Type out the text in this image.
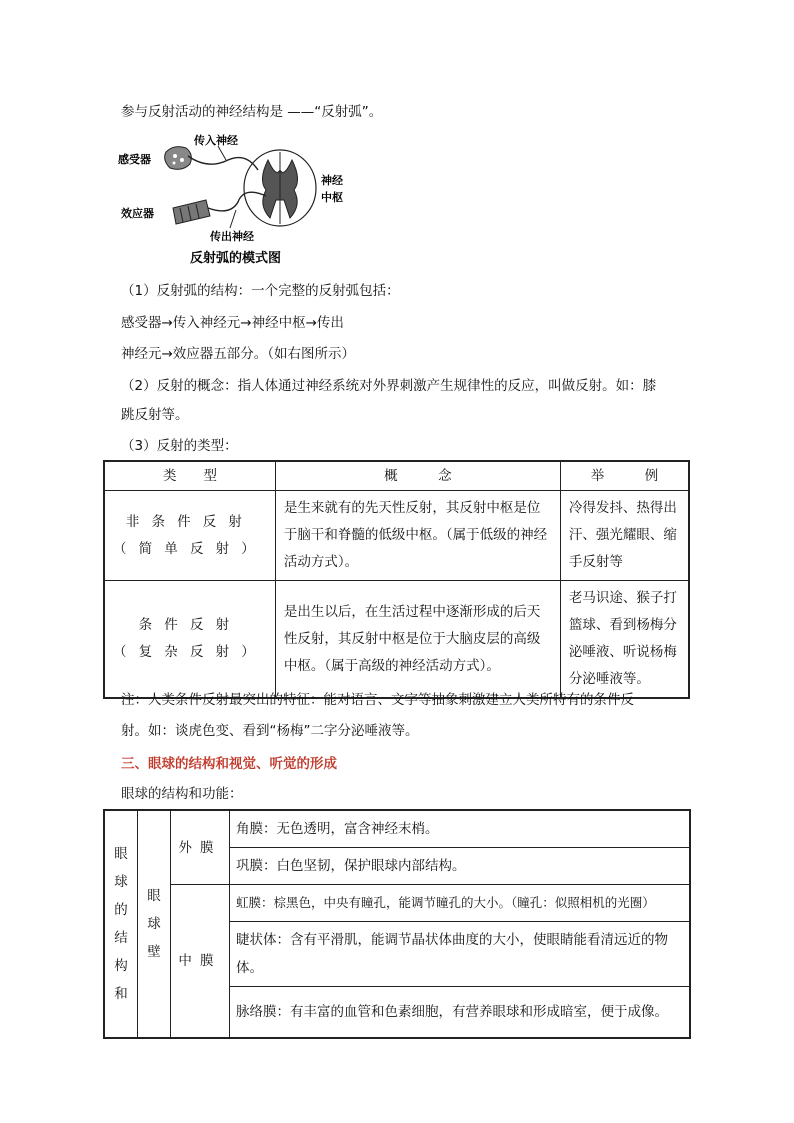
参与反射活动的神经结构是 ——“反射弧”。
感受器
传入神经
神经
中枢
效应器
传出神经
反射弧的模式图
（1）反射弧的结构：一个完整的反射弧包括：
感受器→传入神经元→神经中枢→传出
神经元→效应器五部分。（如右图所示）
（2）反射的概念：指人体通过神经系统对外界刺激产生规律性的反应，叫做反射。如：膝
跳反射等。
（3）反射的类型：
类　　型	概　　　念	举　　　例

非条件反射
（简单反射）	是生来就有的先天性反射，其反射中枢是位于脑干和脊髓的低级中枢。（属于低级的神经活动方式）。	冷得发抖、热得出汗、强光耀眼、缩手反射等

条件反射
（复杂反射）	是出生以后，在生活过程中逐渐形成的后天性反射，其反射中枢是位于大脑皮层的高级中枢。（属于高级的神经活动方式）。	老马识途、猴子打篮球、看到杨梅分泌唾液、听说杨梅分泌唾液等。
注：人类条件反射最突出的特征：能对语言、文字等抽象刺激建立人类所特有的条件反
射。如：谈虎色变、看到“杨梅”二字分泌唾液等。
三、眼球的结构和视觉、听觉的形成
眼球的结构和功能：
眼球的结构和	眼球壁	外膜	角膜：无色透明，富含神经末梢。
			巩膜：白色坚韧，保护眼球内部结构。
		中膜	虹膜：棕黑色，中央有瞳孔，能调节瞳孔的大小。（瞳孔：似照相机的光圈）
			睫状体：含有平滑肌，能调节晶状体曲度的大小，使眼睛能看清远近的物体。
			脉络膜：有丰富的血管和色素细胞，有营养眼球和形成暗室，便于成像。
